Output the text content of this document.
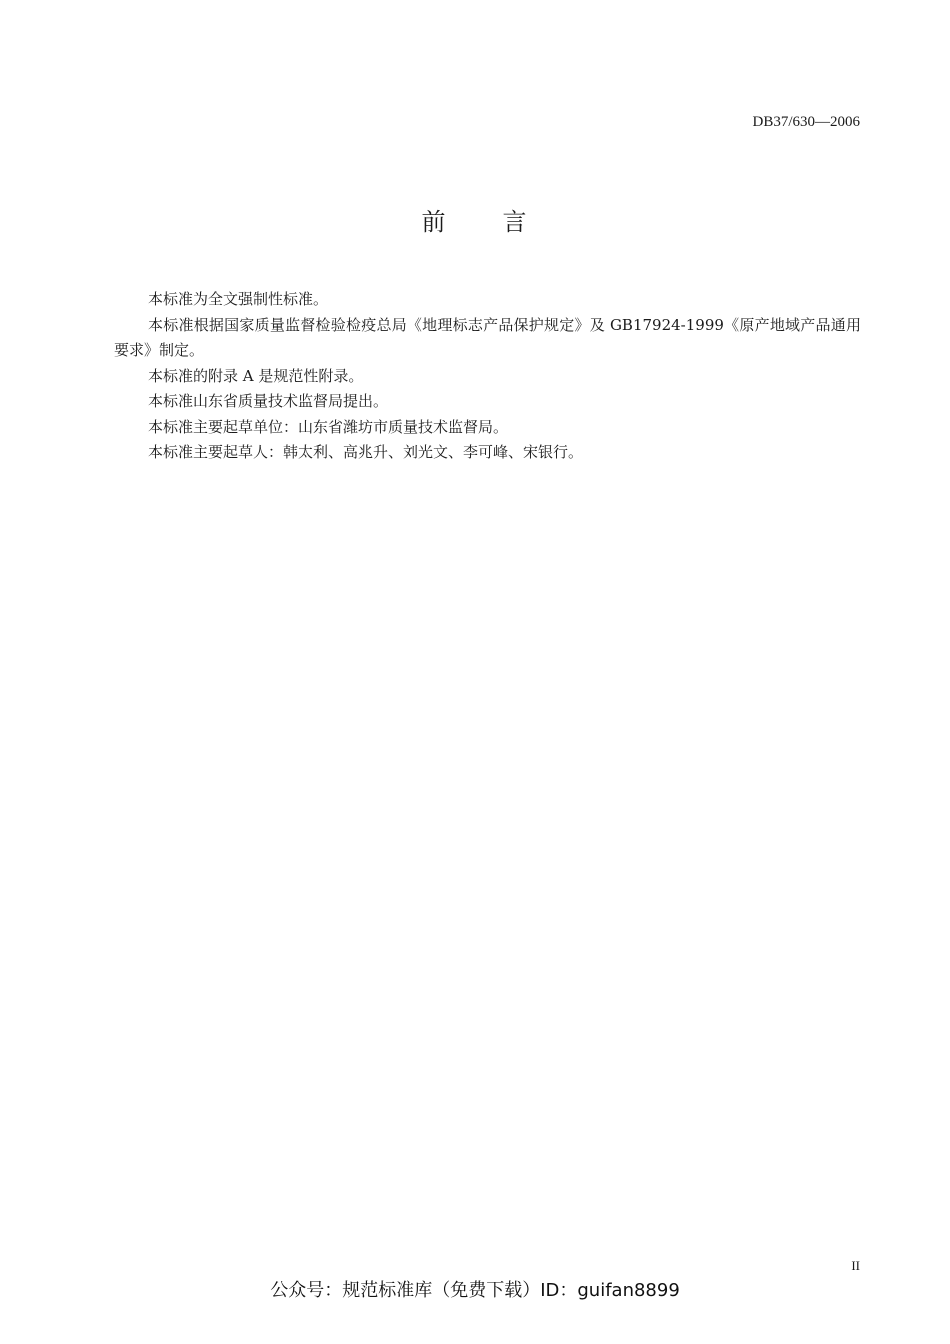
DB37/630—2006
前 言

本标准为全文强制性标准。

本标准根据国家质量监督检验检疫总局《地理标志产品保护规定》及 GB17924-1999《原产地域产品通用要求》制定。

本标准的附录 A 是规范性附录。

本标准山东省质量技术监督局提出。

本标准主要起草单位：山东省潍坊市质量技术监督局。

本标准主要起草人：韩太利、高兆升、刘光文、李可峰、宋银行。

II
公众号：规范标准库（免费下载）ID：guifan8899
